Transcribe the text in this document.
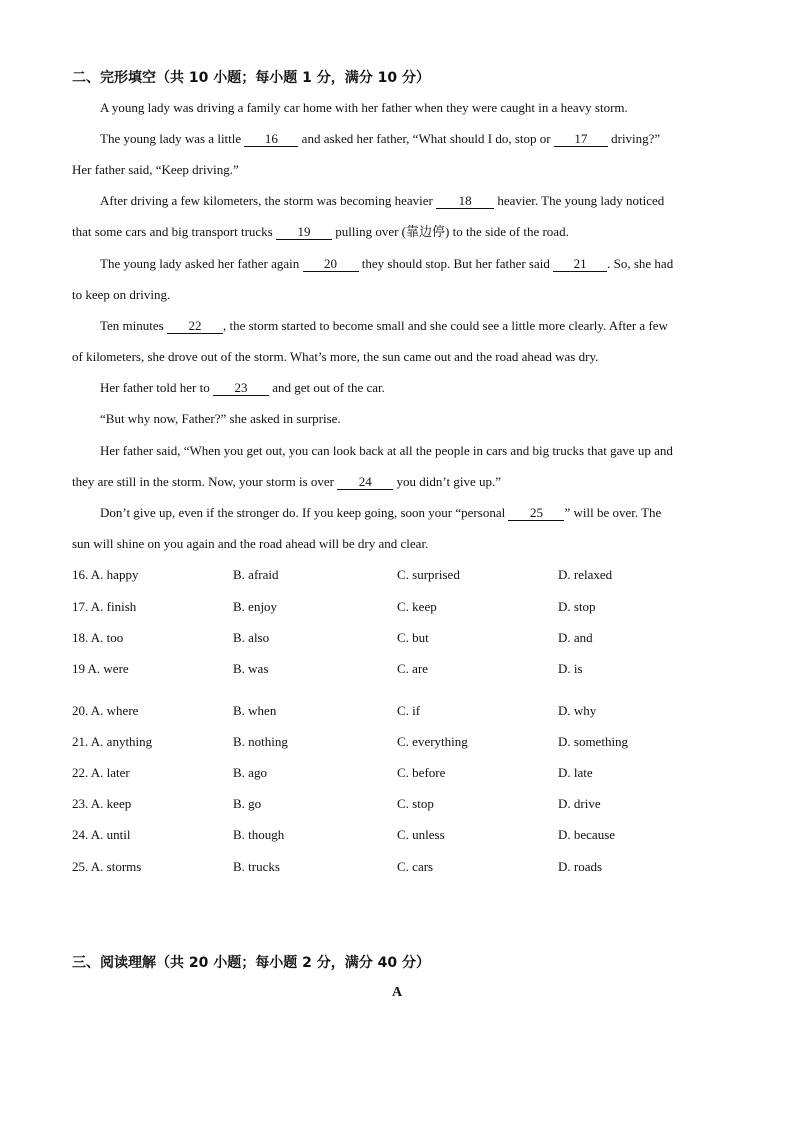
二、完形填空（共 10 小题；每小题 1 分，满分 10 分）
A young lady was driving a family car home with her father when they were caught in a heavy storm.
The young lady was a little 16 and asked her father, “What should I do, stop or 17 driving?”
Her father said, “Keep driving.”
After driving a few kilometers, the storm was becoming heavier 18 heavier. The young lady noticed
that some cars and big transport trucks 19 pulling over (靠边停) to the side of the road.
The young lady asked her father again 20 they should stop. But her father said 21 . So, she had
to keep on driving.
Ten minutes 22 , the storm started to become small and she could see a little more clearly. After a few
of kilometers, she drove out of the storm. What’s more, the sun came out and the road ahead was dry.
Her father told her to 23 and get out of the car.
“But why now, Father?” she asked in surprise.
Her father said, “When you get out, you can look back at all the people in cars and big trucks that gave up and
they are still in the storm. Now, your storm is over 24 you didn’t give up.”
Don’t give up, even if the stronger do. If you keep going, soon your “personal 25 ” will be over. The
sun will shine on you again and the road ahead will be dry and clear.
16. A. happy	B. afraid	C. surprised	D. relaxed
17. A. finish	B. enjoy	C. keep	D. stop
18. A. too	B. also	C. but	D. and
19 A. were	B. was	C. are	D. is
20. A. where	B. when	C. if	D. why
21. A. anything	B. nothing	C. everything	D. something
22. A. later	B. ago	C. before	D. late
23. A. keep	B. go	C. stop	D. drive
24. A. until	B. though	C. unless	D. because
25. A. storms	B. trucks	C. cars	D. roads
三、阅读理解（共 20 小题；每小题 2 分，满分 40 分）
A
